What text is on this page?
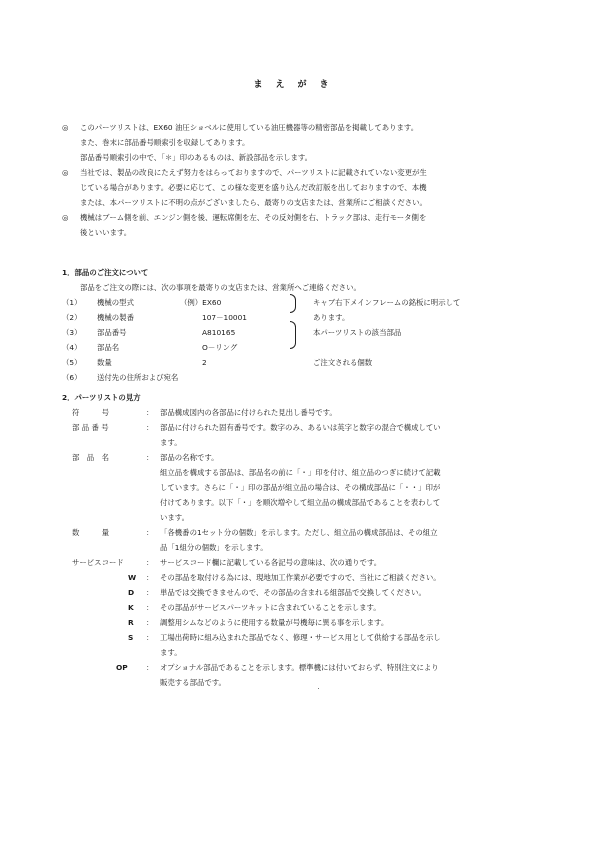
まえがき
◎ このパーツリストは、EX60 油圧ショベルに使用している油圧機器等の精密部品を掲載してあります。
また、巻末に部品番号順索引を収録してあります。
部品番号順索引の中で、「＊」印のあるものは、新設部品を示します。
◎ 当社では、製品の改良にたえず努力をはらっておりますので、パーツリストに記載されていない変更が生
じている場合があります。必要に応じて、この様な変更を盛り込んだ改訂版を出しておりますので、本機
または、本パーツリストに不明の点がございましたら、最寄りの支店または、営業所にご相談ください。
◎ 機械はブーム側を前、エンジン側を後、運転席側を左、その反対側を右、トラック部は、走行モータ側を
後といいます。
1．部品のご注文について
部品をご注文の際には、次の事項を最寄りの支店または、営業所へご連絡ください。
（1） 機械の型式	（例）EX60	キャブ右下メインフレームの銘板に明示して
（2） 機械の製番	107－10001	あります。
（3） 部品番号	A810165	本パーツリストの該当部品
（4） 部品名	O－リング
（5） 数量	2	ご注文される個数
（6） 送付先の住所および宛名
2．パーツリストの見方
符　　　号	： 部品構成図内の各部品に付けられた見出し番号です。
部 品 番 号	： 部品に付けられた固有番号です。数字のみ、あるいは英字と数字の混合で構成してい
ます。
部　品　名	： 部品の名称です。
組立品を構成する部品は、部品名の前に「・」印を付け、組立品のつぎに続けて記載
しています。さらに「・」印の部品が組立品の場合は、その構成部品に「・・」印が
付けてあります。以下「・」を順次増やして組立品の構成部品であることを表わして
います。
数　　　量	： 「各機番の1セット分の個数」を示します。ただし、組立品の構成部品は、その組立
品「1組分の個数」を示します。
サービスコード	： サービスコード欄に記載している各記号の意味は、次の通りです。
W ： その部品を取付ける為には、現地加工作業が必要ですので、当社にご相談ください。
D ： 単品では交換できませんので、その部品の含まれる組部品で交換してください。
K ： その部品がサービスパーツキットに含まれていることを示します。
R ： 調整用シムなどのように使用する数量が号機毎に異る事を示します。
S ： 工場出荷時に組み込まれた部品でなく、修理・サービス用として供給する部品を示し
ます。
OP ： オプショナル部品であることを示します。標準機には付いておらず、特別注文により
販売する部品です。
